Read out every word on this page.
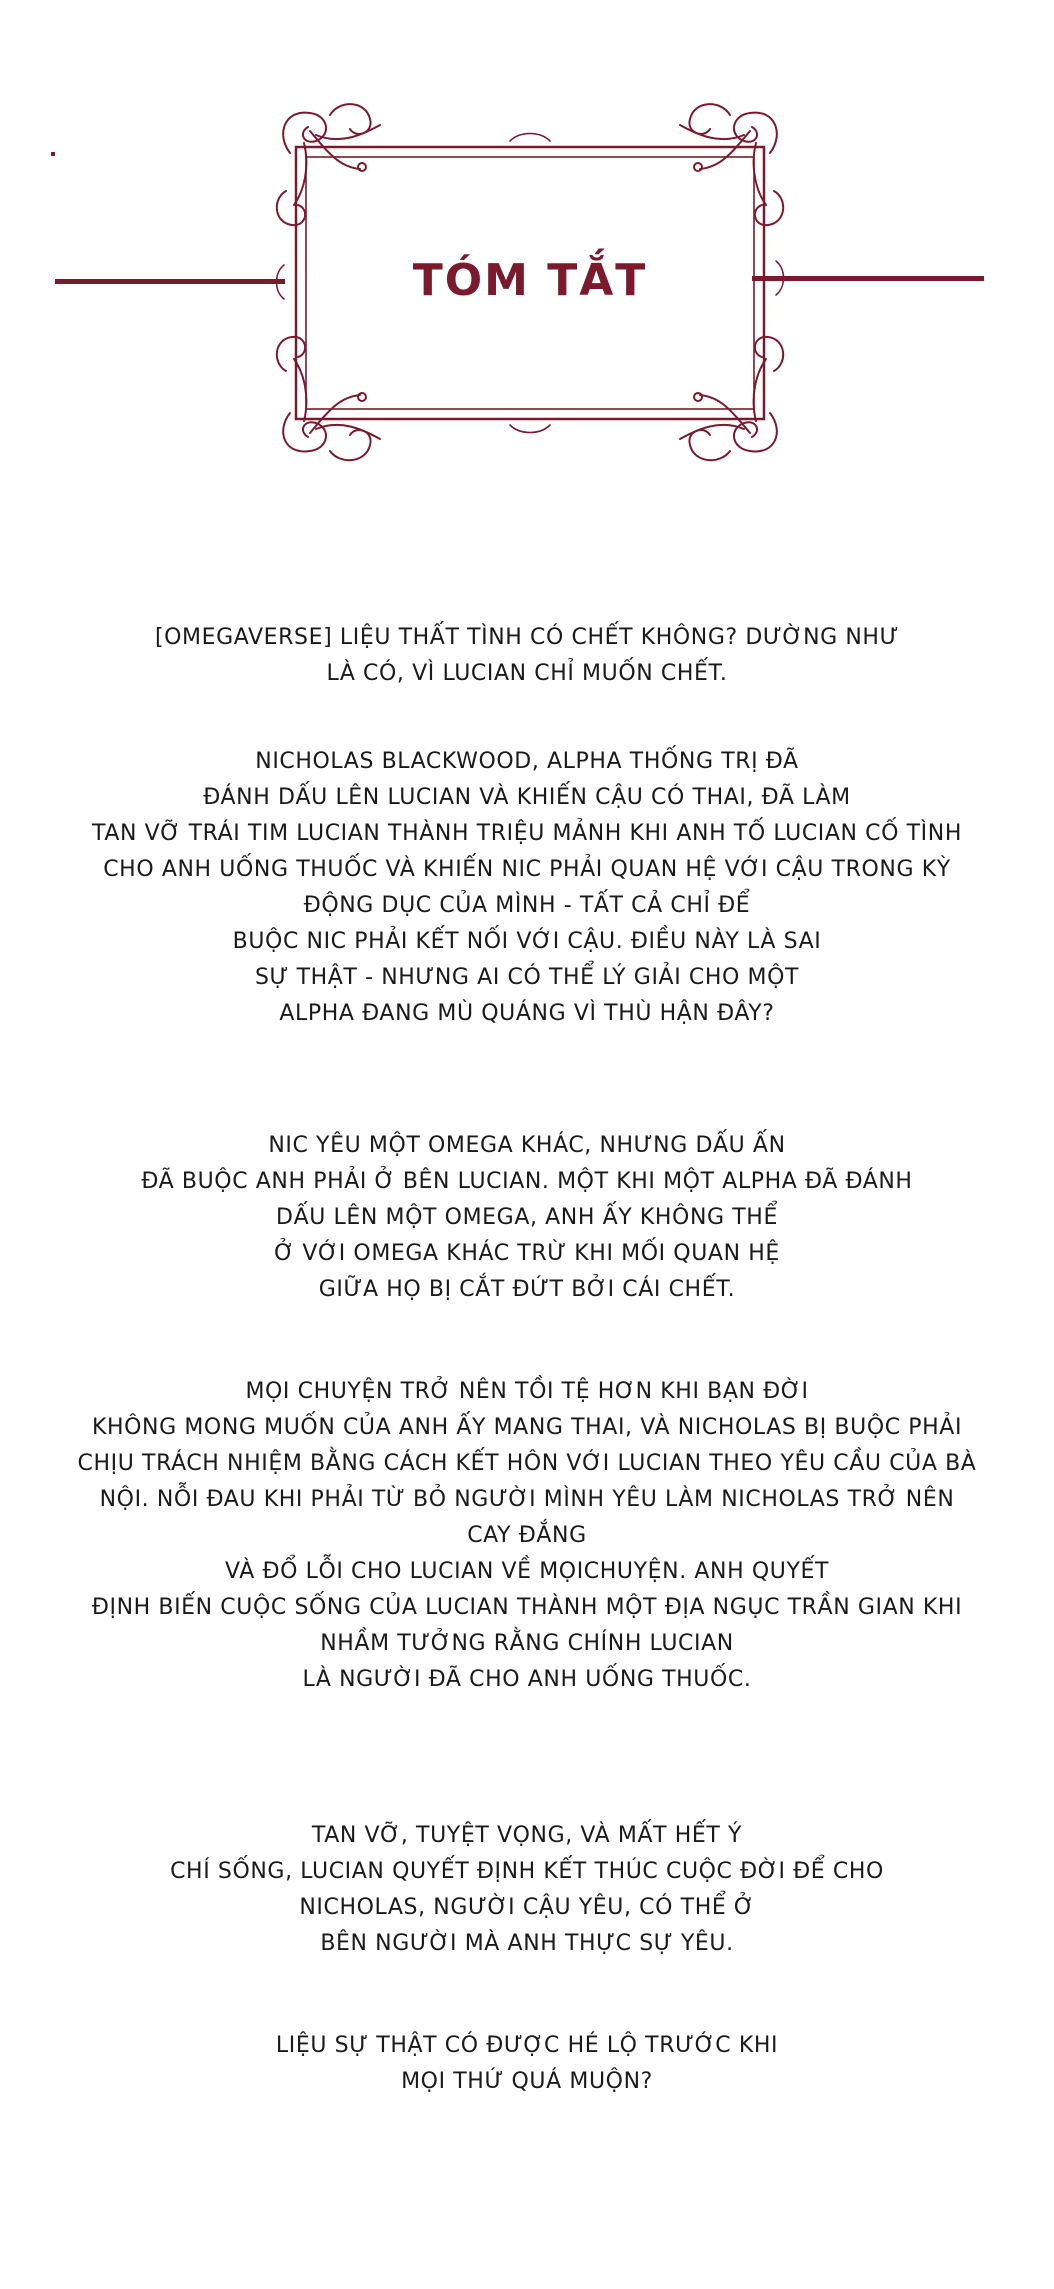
TÓM TẮT

[OMEGAVERSE] LIỆU THẤT TÌNH CÓ CHẾT KHÔNG? DƯỜNG NHƯ
LÀ CÓ, VÌ LUCIAN CHỈ MUỐN CHẾT.

NICHOLAS BLACKWOOD, ALPHA THỐNG TRỊ ĐÃ
ĐÁNH DẤU LÊN LUCIAN VÀ KHIẾN CẬU CÓ THAI, ĐÃ LÀM
TAN VỠ TRÁI TIM LUCIAN THÀNH TRIỆU MẢNH KHI ANH TỐ LUCIAN CỐ TÌNH
CHO ANH UỐNG THUỐC VÀ KHIẾN NIC PHẢI QUAN HỆ VỚI CẬU TRONG KỲ
ĐỘNG DỤC CỦA MÌNH - TẤT CẢ CHỈ ĐỂ
BUỘC NIC PHẢI KẾT NỐI VỚI CẬU. ĐIỀU NÀY LÀ SAI
SỰ THẬT - NHƯNG AI CÓ THỂ LÝ GIẢI CHO MỘT
ALPHA ĐANG MÙ QUÁNG VÌ THÙ HẬN ĐÂY?

NIC YÊU MỘT OMEGA KHÁC, NHƯNG DẤU ẤN
ĐÃ BUỘC ANH PHẢI Ở BÊN LUCIAN. MỘT KHI MỘT ALPHA ĐÃ ĐÁNH
DẤU LÊN MỘT OMEGA, ANH ẤY KHÔNG THỂ
Ở VỚI OMEGA KHÁC TRỪ KHI MỐI QUAN HỆ
GIỮA HỌ BỊ CẮT ĐỨT BỞI CÁI CHẾT.

MỌI CHUYỆN TRỞ NÊN TỒI TỆ HƠN KHI BẠN ĐỜI
KHÔNG MONG MUỐN CỦA ANH ẤY MANG THAI, VÀ NICHOLAS BỊ BUỘC PHẢI
CHỊU TRÁCH NHIỆM BẰNG CÁCH KẾT HÔN VỚI LUCIAN THEO YÊU CẦU CỦA BÀ
NỘI. NỖI ĐAU KHI PHẢI TỪ BỎ NGƯỜI MÌNH YÊU LÀM NICHOLAS TRỞ NÊN
CAY ĐẮNG
VÀ ĐỔ LỖI CHO LUCIAN VỀ MỌICHUYỆN. ANH QUYẾT
ĐỊNH BIẾN CUỘC SỐNG CỦA LUCIAN THÀNH MỘT ĐỊA NGỤC TRẦN GIAN KHI
NHẦM TƯỞNG RẰNG CHÍNH LUCIAN
LÀ NGƯỜI ĐÃ CHO ANH UỐNG THUỐC.

TAN VỠ, TUYỆT VỌNG, VÀ MẤT HẾT Ý
CHÍ SỐNG, LUCIAN QUYẾT ĐỊNH KẾT THÚC CUỘC ĐỜI ĐỂ CHO
NICHOLAS, NGƯỜI CẬU YÊU, CÓ THỂ Ở
BÊN NGƯỜI MÀ ANH THỰC SỰ YÊU.

LIỆU SỰ THẬT CÓ ĐƯỢC HÉ LỘ TRƯỚC KHI
MỌI THỨ QUÁ MUỘN?
